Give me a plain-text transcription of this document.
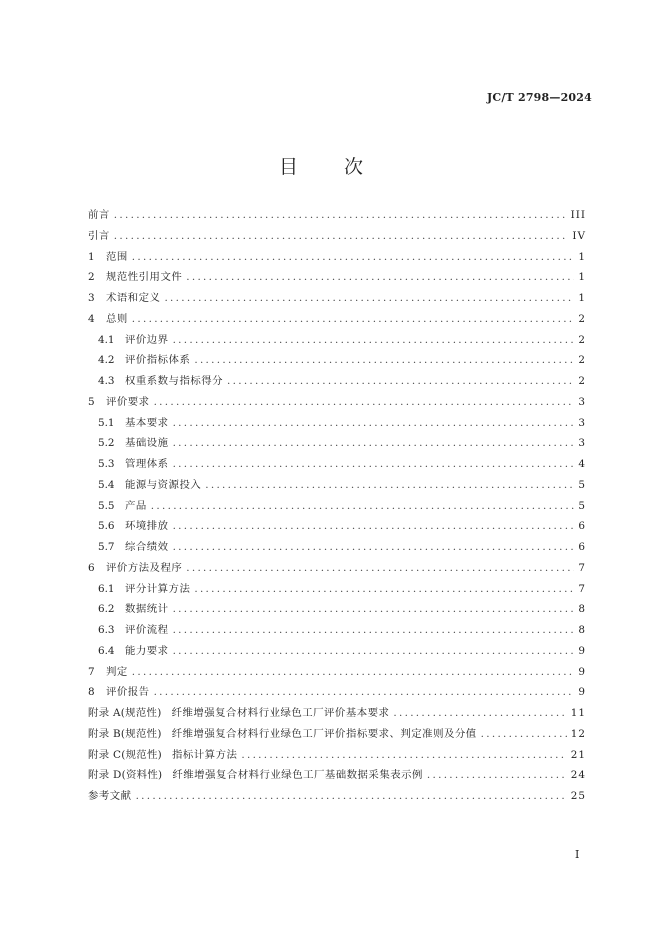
JC/T 2798—2024
目 次
前言 .....	III
引言 .....	IV
1	范围 .....	1
2	规范性引用文件 .....	1
3	术语和定义 .....	1
4	总则 .....	2
4.1	评价边界 .....	2
4.2	评价指标体系 .....	2
4.3	权重系数与指标得分 .....	2
5	评价要求 .....	3
5.1	基本要求 .....	3
5.2	基础设施 .....	3
5.3	管理体系 .....	4
5.4	能源与资源投入 .....	5
5.5	产品 .....	5
5.6	环境排放 .....	6
5.7	综合绩效 .....	6
6	评价方法及程序 .....	7
6.1	评分计算方法 .....	7
6.2	数据统计 .....	8
6.3	评价流程 .....	8
6.4	能力要求 .....	9
7	判定 .....	9
8	评价报告 .....	9
附录 A(规范性) 纤维增强复合材料行业绿色工厂评价基本要求 .....	11
附录 B(规范性) 纤维增强复合材料行业绿色工厂评价指标要求、判定准则及分值 .....	12
附录 C(规范性) 指标计算方法 .....	21
附录 D(资料性) 纤维增强复合材料行业绿色工厂基础数据采集表示例 .....	24
参考文献 .....	25
I
